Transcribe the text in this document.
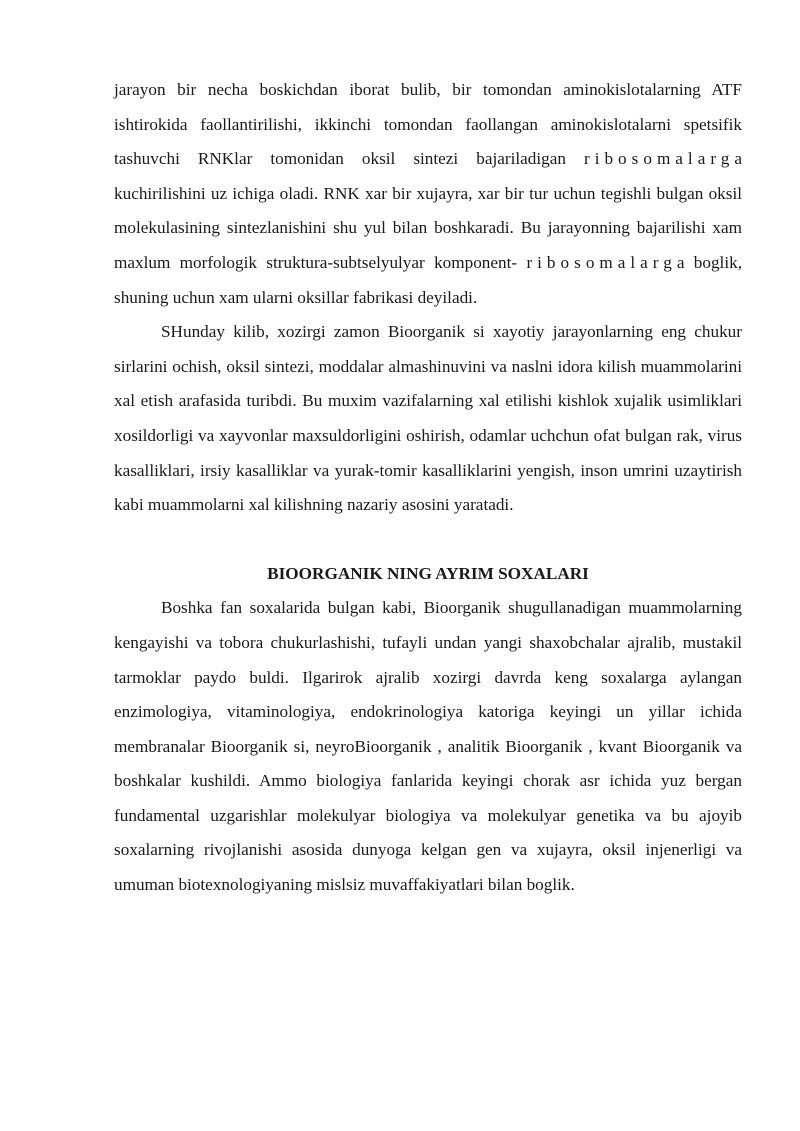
jarayon bir necha boskichdan iborat bulib, bir tomondan aminokislotalarning ATF ishtirokida faollantirilishi, ikkinchi tomondan faollangan aminokislotalarni spetsifik tashuvchi RNKlar tomonidan oksil sintezi bajariladigan ribosomalarga kuchirilishini uz ichiga oladi. RNK xar bir xujayra, xar bir tur uchun tegishli bulgan oksil molekulasining sintezlanishini shu yul bilan boshkaradi. Bu jarayonning bajarilishi xam maxlum morfologik struktura-subtselyulyar komponent- ribosomalarga boglik, shuning uchun xam ularni oksillar fabrikasi deyiladi.

SHunday kilib, xozirgi zamon Bioorganik si xayotiy jarayonlarning eng chukur sirlarini ochish, oksil sintezi, moddalar almashinuvini va naslni idora kilish muammolarini xal etish arafasida turibdi. Bu muxim vazifalarning xal etilishi kishlok xujalik usimliklari xosildorligi va xayvonlar maxsuldorligini oshirish, odamlar uchchun ofat bulgan rak, virus kasalliklari, irsiy kasalliklar va yurak-tomir kasalliklarini yengish, inson umrini uzaytirish kabi muammolarni xal kilishning nazariy asosini yaratadi.

BIOORGANIK NING AYRIM SOXALARI

Boshka fan soxalarida bulgan kabi, Bioorganik shugullanadigan muammolarning kengayishi va tobora chukurlashishi, tufayli undan yangi shaxobchalar ajralib, mustakil tarmoklar paydo buldi. Ilgarirok ajralib xozirgi davrda keng soxalarga aylangan enzimologiya, vitaminologiya, endokrinologiya katoriga keyingi un yillar ichida membranalar Bioorganik si, neyroBioorganik , analitik Bioorganik , kvant Bioorganik va boshkalar kushildi. Ammo biologiya fanlarida keyingi chorak asr ichida yuz bergan fundamental uzgarishlar molekulyar biologiya va molekulyar genetika va bu ajoyib soxalarning rivojlanishi asosida dunyoga kelgan gen va xujayra, oksil injenerligi va umuman biotexnologiyaning mislsiz muvaffakiyatlari bilan boglik.
